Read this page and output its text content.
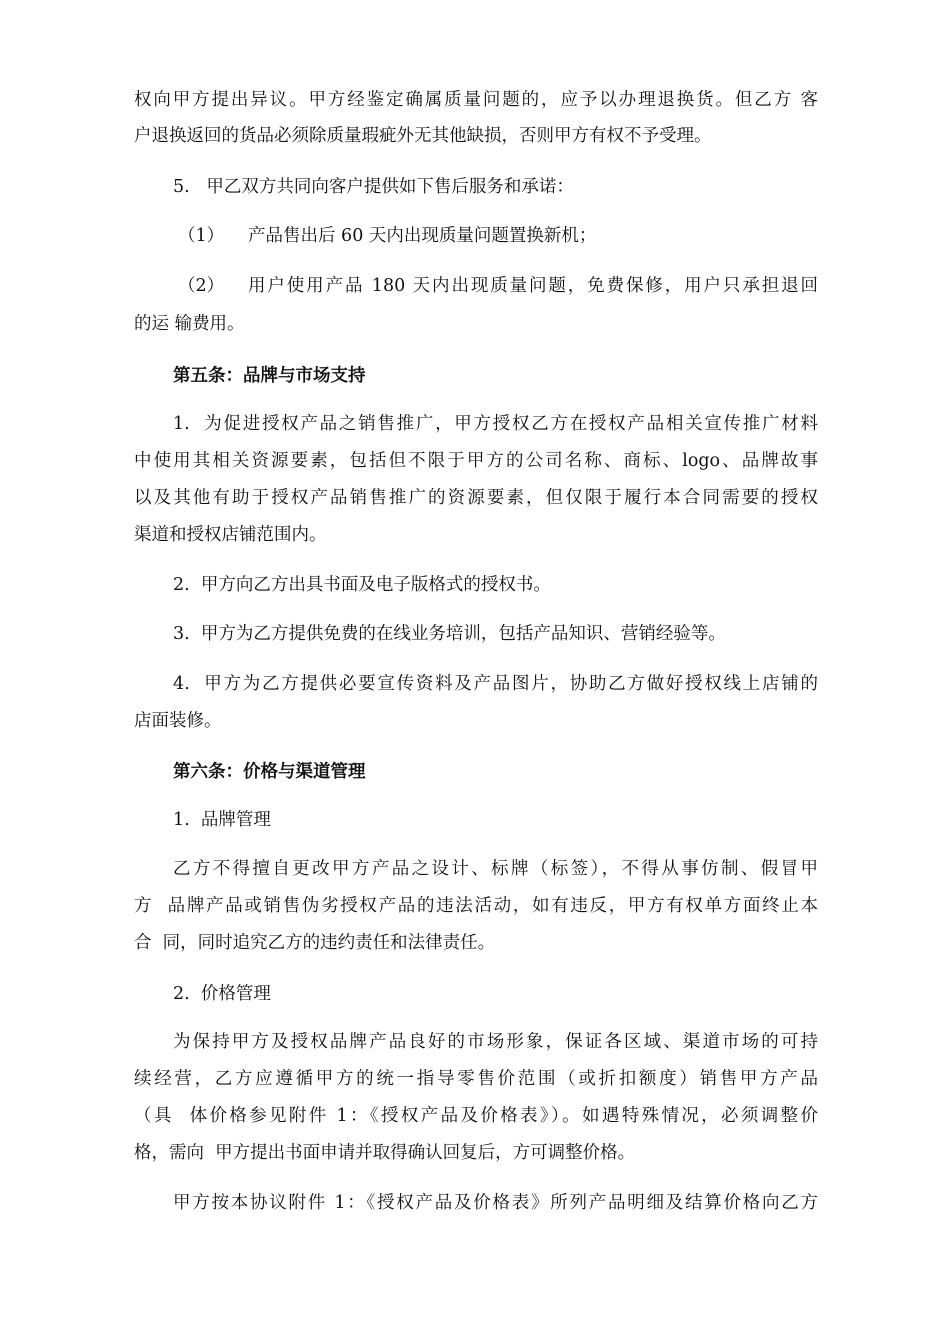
权向甲方提出异议。甲方经鉴定确属质量问题的，应予以办理退换货。但乙方 客
户退换返回的货品必须除质量瑕疵外无其他缺损，否则甲方有权不予受理。
5.   甲乙双方共同向客户提供如下售后服务和承诺：
（1） 产品售出后 60 天内出现质量问题置换新机；
（2） 用户使用产品 180 天内出现质量问题，免费保修，用户只承担退回
的运 输费用。
第五条：品牌与市场支持
1.  为促进授权产品之销售推广，甲方授权乙方在授权产品相关宣传推广材料
中使用其相关资源要素，包括但不限于甲方的公司名称、商标、logo、品牌故事
以及其他有助于授权产品销售推广的资源要素，但仅限于履行本合同需要的授权
渠道和授权店铺范围内。
2.  甲方向乙方出具书面及电子版格式的授权书。
3.  甲方为乙方提供免费的在线业务培训，包括产品知识、营销经验等。
4.  甲方为乙方提供必要宣传资料及产品图片，协助乙方做好授权线上店铺的
店面装修。
第六条：价格与渠道管理
1.  品牌管理
乙方不得擅自更改甲方产品之设计、标牌（标签），不得从事仿制、假冒甲
方  品牌产品或销售伪劣授权产品的违法活动，如有违反，甲方有权单方面终止本
合  同，同时追究乙方的违约责任和法律责任。
2.  价格管理
为保持甲方及授权品牌产品良好的市场形象，保证各区域、渠道市场的可持
续经营，乙方应遵循甲方的统一指导零售价范围（或折扣额度）销售甲方产品
（具  体价格参见附件 1：《授权产品及价格表》）。如遇特殊情况，必须调整价
格，需向  甲方提出书面申请并取得确认回复后，方可调整价格。
甲方按本协议附件 1：《授权产品及价格表》所列产品明细及结算价格向乙方
